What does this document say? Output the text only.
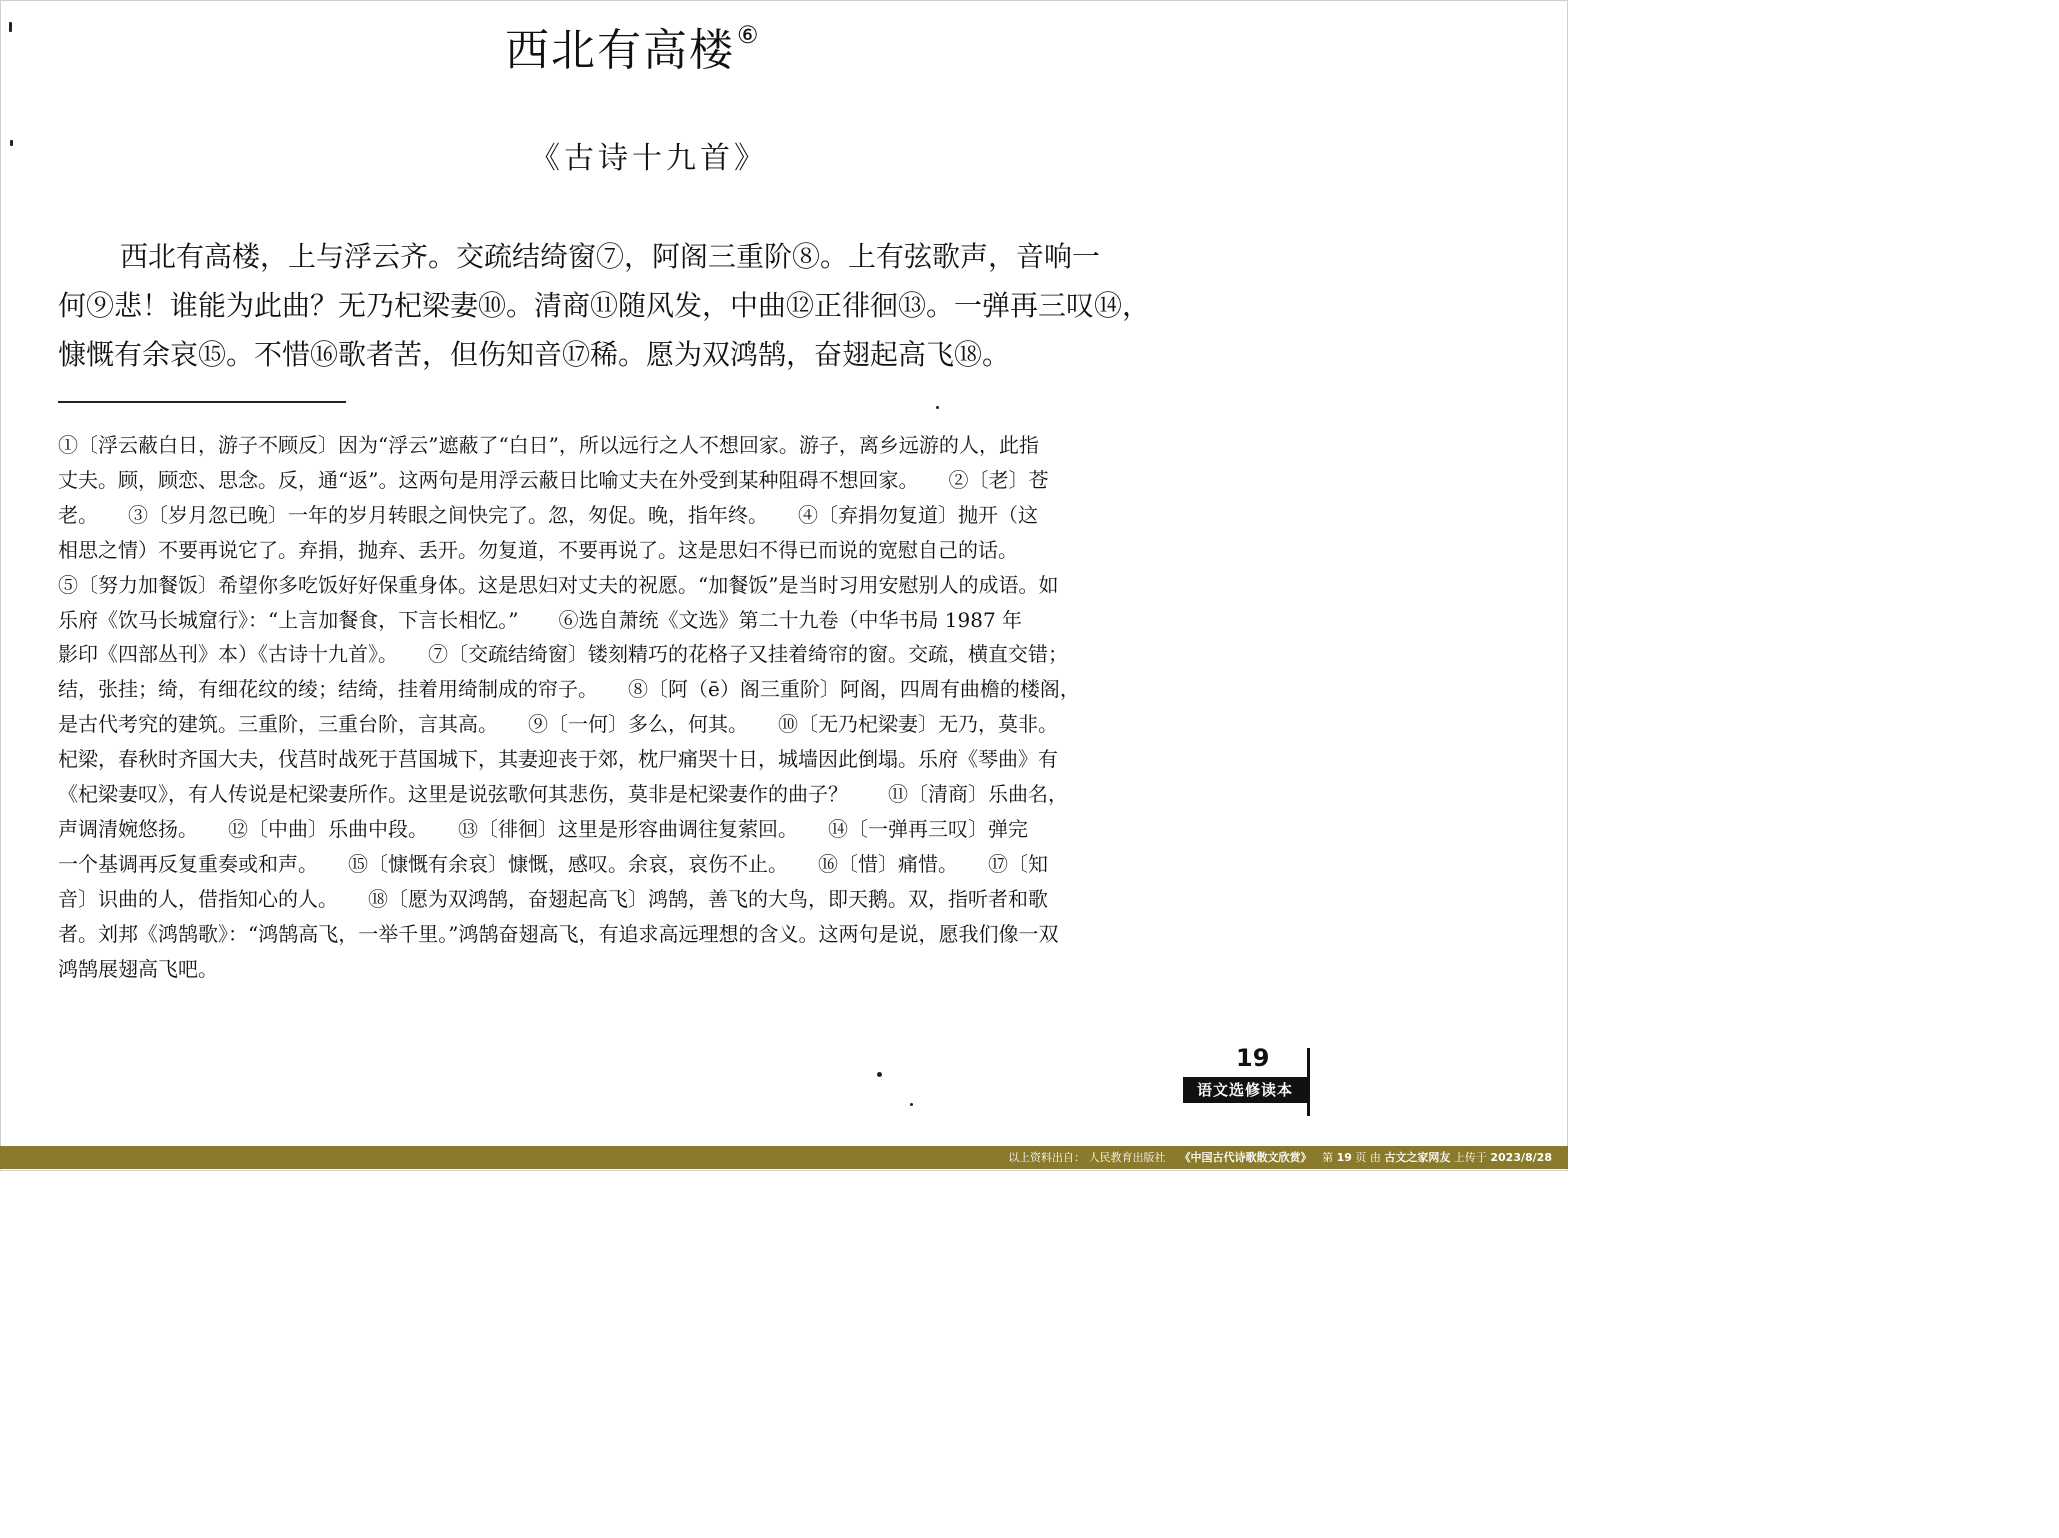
西北有高楼⑥
《古诗十九首》
西北有高楼，上与浮云齐。交疏结绮窗⑦，阿阁三重阶⑧。上有弦歌声，音响一
何⑨悲！谁能为此曲？无乃杞梁妻⑩。清商⑪随风发，中曲⑫正徘徊⑬。一弹再三叹⑭，
慷慨有余哀⑮。不惜⑯歌者苦，但伤知音⑰稀。愿为双鸿鹄，奋翅起高飞⑱。
①〔浮云蔽白日，游子不顾反〕因为“浮云”遮蔽了“白日”，所以远行之人不想回家。游子，离乡远游的人，此指
丈夫。顾，顾恋、思念。反，通“返”。这两句是用浮云蔽日比喻丈夫在外受到某种阻碍不想回家。　　②〔老〕苍
老。　　③〔岁月忽已晚〕一年的岁月转眼之间快完了。忽，匆促。晚，指年终。　　④〔弃捐勿复道〕抛开（这
相思之情）不要再说它了。弃捐，抛弃、丢开。勿复道，不要再说了。这是思妇不得已而说的宽慰自己的话。
⑤〔努力加餐饭〕希望你多吃饭好好保重身体。这是思妇对丈夫的祝愿。“加餐饭”是当时习用安慰别人的成语。如
乐府《饮马长城窟行》：“上言加餐食，下言长相忆。”　　⑥选自萧统《文选》第二十九卷（中华书局 1987 年
影印《四部丛刊》本）《古诗十九首》。　　⑦〔交疏结绮窗〕镂刻精巧的花格子又挂着绮帘的窗。交疏，横直交错；
结，张挂；绮，有细花纹的绫；结绮，挂着用绮制成的帘子。　　⑧〔阿（ē）阁三重阶〕阿阁，四周有曲檐的楼阁，
是古代考究的建筑。三重阶，三重台阶，言其高。　　⑨〔一何〕多么，何其。　　⑩〔无乃杞梁妻〕无乃，莫非。
杞梁，春秋时齐国大夫，伐莒时战死于莒国城下，其妻迎丧于郊，枕尸痛哭十日，城墙因此倒塌。乐府《琴曲》有
《杞梁妻叹》，有人传说是杞梁妻所作。这里是说弦歌何其悲伤，莫非是杞梁妻作的曲子？　　⑪〔清商〕乐曲名，
声调清婉悠扬。　　⑫〔中曲〕乐曲中段。　　⑬〔徘徊〕这里是形容曲调往复萦回。　　⑭〔一弹再三叹〕弹完
一个基调再反复重奏或和声。　　⑮〔慷慨有余哀〕慷慨，感叹。余哀，哀伤不止。　　⑯〔惜〕痛惜。　　⑰〔知
音〕识曲的人，借指知心的人。　　⑱〔愿为双鸿鹄，奋翅起高飞〕鸿鹄，善飞的大鸟，即天鹅。双，指听者和歌
者。刘邦《鸿鹄歌》：“鸿鹄高飞，一举千里。”鸿鹄奋翅高飞，有追求高远理想的含义。这两句是说，愿我们像一双
鸿鹄展翅高飞吧。
19
语文选修读本
以上资料出自： 人民教育出版社 《中国古代诗歌散文欣赏》 第 19 页 由 古文之家网友 上传于 2023/8/28
